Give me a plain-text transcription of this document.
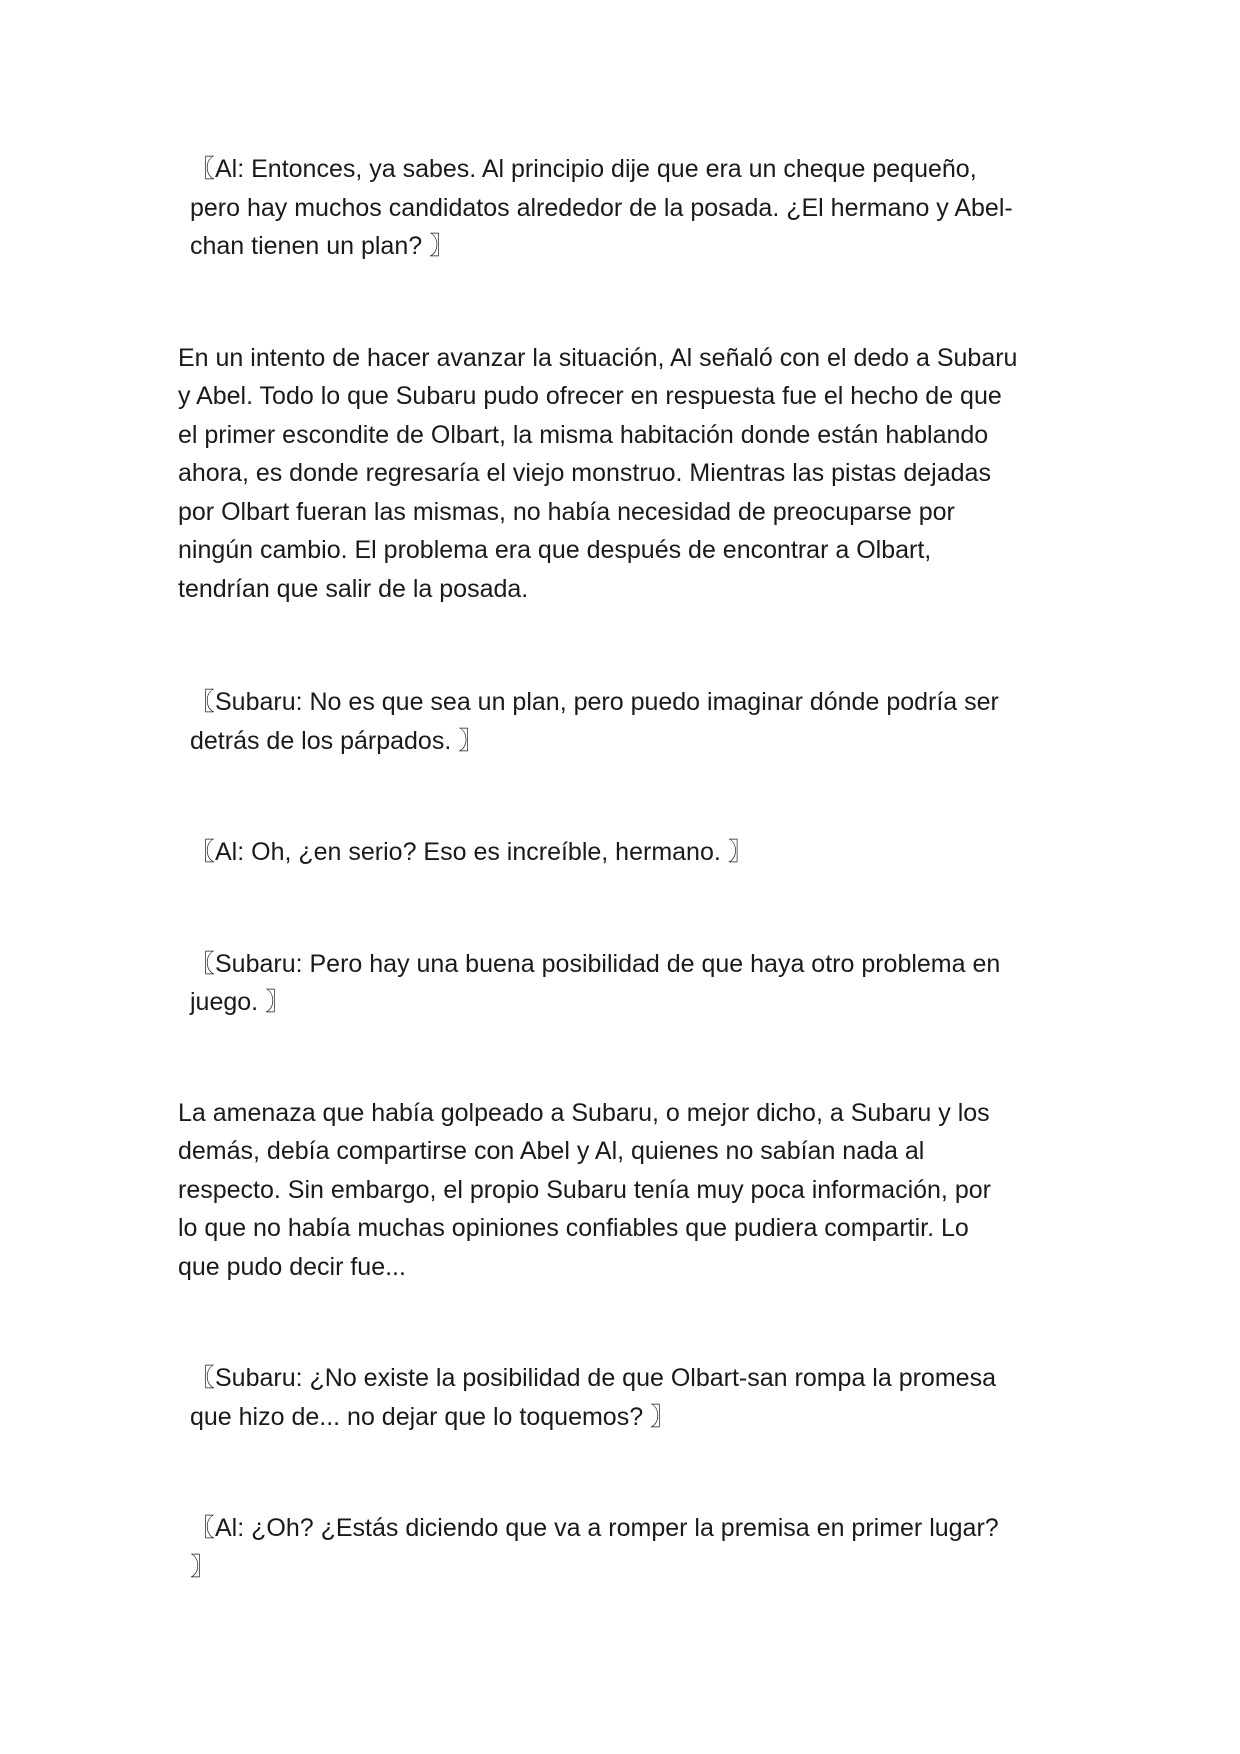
〖Al: Entonces, ya sabes. Al principio dije que era un cheque pequeño,
pero hay muchos candidatos alrededor de la posada. ¿El hermano y Abel-
chan tienen un plan? 〗

En un intento de hacer avanzar la situación, Al señaló con el dedo a Subaru
y Abel. Todo lo que Subaru pudo ofrecer en respuesta fue el hecho de que
el primer escondite de Olbart, la misma habitación donde están hablando
ahora, es donde regresaría el viejo monstruo. Mientras las pistas dejadas
por Olbart fueran las mismas, no había necesidad de preocuparse por
ningún cambio. El problema era que después de encontrar a Olbart,
tendrían que salir de la posada.

〖Subaru: No es que sea un plan, pero puedo imaginar dónde podría ser
detrás de los párpados. 〗

〖Al: Oh, ¿en serio? Eso es increíble, hermano. 〗

〖Subaru: Pero hay una buena posibilidad de que haya otro problema en
juego. 〗

La amenaza que había golpeado a Subaru, o mejor dicho, a Subaru y los
demás, debía compartirse con Abel y Al, quienes no sabían nada al
respecto. Sin embargo, el propio Subaru tenía muy poca información, por
lo que no había muchas opiniones confiables que pudiera compartir. Lo
que pudo decir fue...

〖Subaru: ¿No existe la posibilidad de que Olbart-san rompa la promesa
que hizo de... no dejar que lo toquemos? 〗

〖Al: ¿Oh? ¿Estás diciendo que va a romper la premisa en primer lugar?
〗
